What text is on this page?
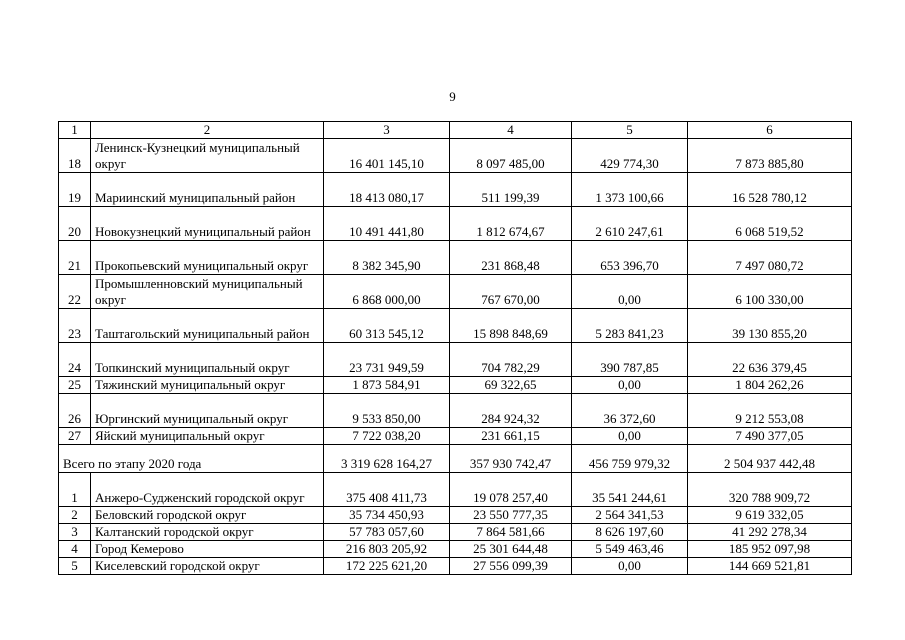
9
1	2	3	4	5	6
18	Ленинск-Кузнецкий муниципальный округ	16 401 145,10	8 097 485,00	429 774,30	7 873 885,80
19	Мариинский муниципальный район	18 413 080,17	511 199,39	1 373 100,66	16 528 780,12
20	Новокузнецкий муниципальный район	10 491 441,80	1 812 674,67	2 610 247,61	6 068 519,52
21	Прокопьевский муниципальный округ	8 382 345,90	231 868,48	653 396,70	7 497 080,72
22	Промышленновский муниципальный округ	6 868 000,00	767 670,00	0,00	6 100 330,00
23	Таштагольский муниципальный район	60 313 545,12	15 898 848,69	5 283 841,23	39 130 855,20
24	Топкинский муниципальный округ	23 731 949,59	704 782,29	390 787,85	22 636 379,45
25	Тяжинский муниципальный округ	1 873 584,91	69 322,65	0,00	1 804 262,26
26	Юргинский муниципальный округ	9 533 850,00	284 924,32	36 372,60	9 212 553,08
27	Яйский муниципальный округ	7 722 038,20	231 661,15	0,00	7 490 377,05
Всего по этапу 2020 года		3 319 628 164,27	357 930 742,47	456 759 979,32	2 504 937 442,48
1	Анжеро-Судженский городской округ	375 408 411,73	19 078 257,40	35 541 244,61	320 788 909,72
2	Беловский городской округ	35 734 450,93	23 550 777,35	2 564 341,53	9 619 332,05
3	Калтанский городской округ	57 783 057,60	7 864 581,66	8 626 197,60	41 292 278,34
4	Город Кемерово	216 803 205,92	25 301 644,48	5 549 463,46	185 952 097,98
5	Киселевский городской округ	172 225 621,20	27 556 099,39	0,00	144 669 521,81
